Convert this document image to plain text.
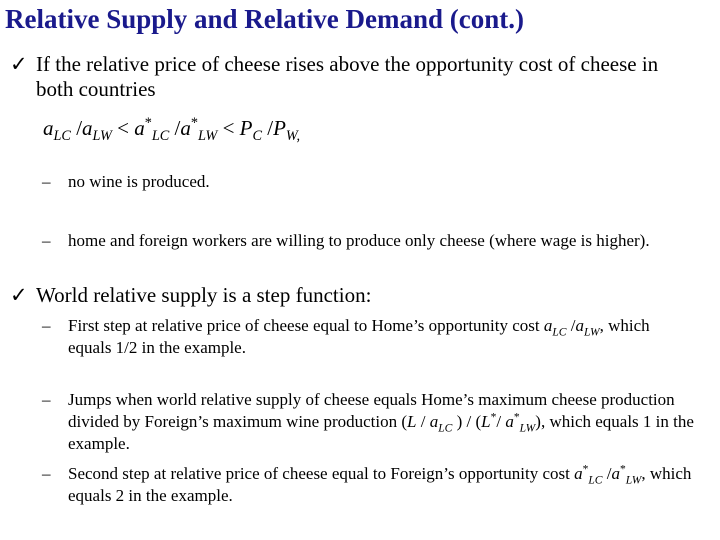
Relative Supply and Relative Demand (cont.)
✓ If the relative price of cheese rises above the opportunity cost of cheese in both countries
$a_{LC}$ $/a_{LW} < a^*_{LC}$ $/a^*_{LW} < P_C$ $/P_{W,}$
– no wine is produced.
– home and foreign workers are willing to produce only cheese (where wage is higher).
✓ World relative supply is a step function:
– First step at relative price of cheese equal to Home’s opportunity cost $a_{LC}$ $/a_{LW}$, which equals 1/2 in the example.
– Jumps when world relative supply of cheese equals Home’s maximum cheese production divided by Foreign’s maximum wine production ($L / a_{LC}$ ) / (L*/ $a^*_{LW}$), which equals 1 in the example.
– Second step at relative price of cheese equal to Foreign’s opportunity cost $a^*_{LC}$ $/a^*_{LW}$, which equals 2 in the example.
